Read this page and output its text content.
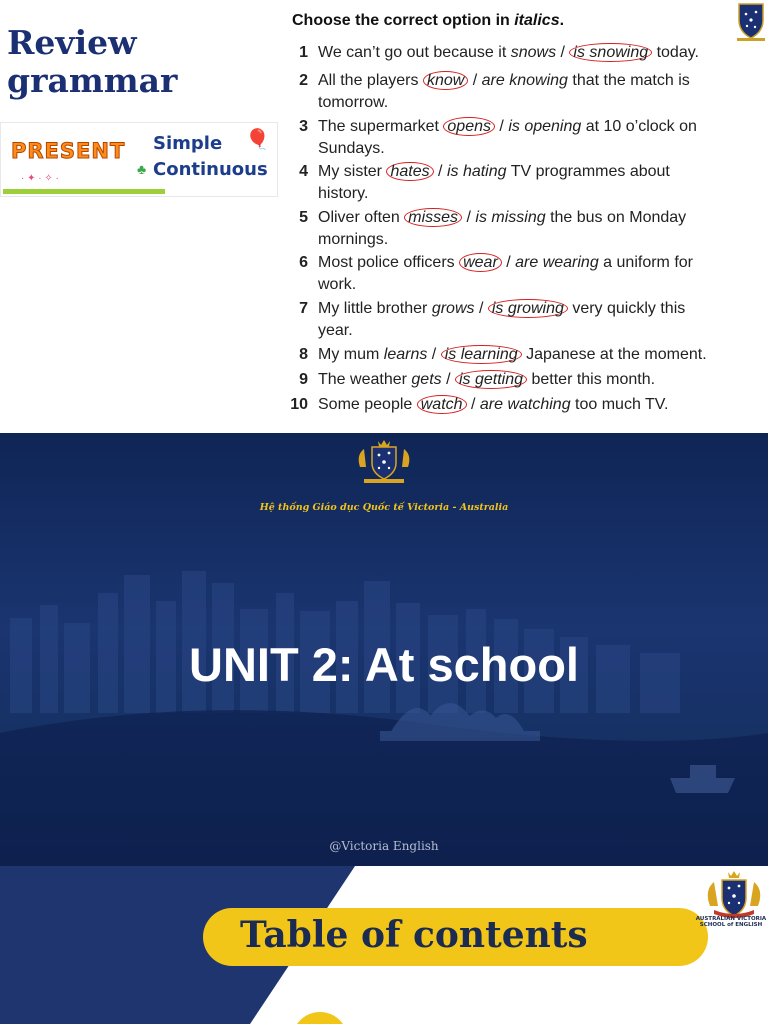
Review grammar
PRESENT Simple
♣ Continuous
· ✦ · ✧ ·
🎈
Choose the correct option in italics.
1 We can’t go out because it snows / is snowing today.
2 All the players know / are knowing that the match is tomorrow.
3 The supermarket opens / is opening at 10 o’clock on Sundays.
4 My sister hates / is hating TV programmes about history.
5 Oliver often misses / is missing the bus on Monday mornings.
6 Most police officers wear / are wearing a uniform for work.
7 My little brother grows / is growing very quickly this year.
8 My mum learns / is learning Japanese at the moment.
9 The weather gets / is getting better this month.
10 Some people watch / are watching too much TV.
Hệ thống Giáo dục Quốc tế Victoria - Australia
UNIT 2: At school
@Victoria English
Table of contents	AUSTRALIAN VICTORIA SCHOOL of ENGLISH
